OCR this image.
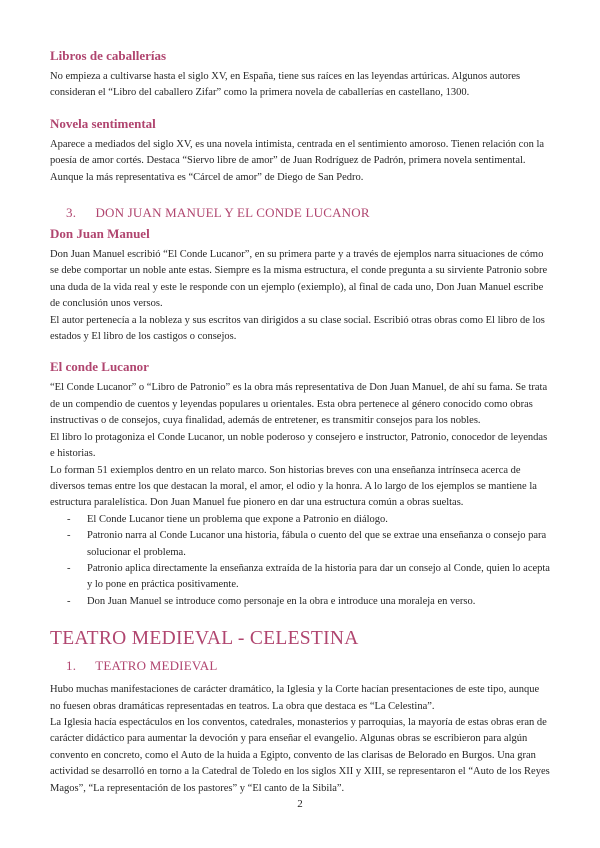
Libros de caballerías

No empieza a cultivarse hasta el siglo XV, en España, tiene sus raíces en las leyendas artúricas. Algunos autores consideran el “Libro del caballero Zifar” como la primera novela de caballerías en castellano, 1300.

Novela sentimental

Aparece a mediados del siglo XV, es una novela intimista, centrada en el sentimiento amoroso. Tienen relación con la poesía de amor cortés. Destaca “Siervo libre de amor” de Juan Rodríguez de Padrón, primera novela sentimental. Aunque la más representativa es “Cárcel de amor” de Diego de San Pedro.

3. DON JUAN MANUEL Y EL CONDE LUCANOR
Don Juan Manuel

Don Juan Manuel escribió “El Conde Lucanor”, en su primera parte y a través de ejemplos narra situaciones de cómo se debe comportar un noble ante estas. Siempre es la misma estructura, el conde pregunta a su sirviente Patronio sobre una duda de la vida real y este le responde con un ejemplo (exiemplo), al final de cada uno, Don Juan Manuel escribe de conclusión unos versos.

El autor pertenecía a la nobleza y sus escritos van dirigidos a su clase social. Escribió otras obras como El libro de los estados y El libro de los castigos o consejos.

El conde Lucanor

“El Conde Lucanor” o “Libro de Patronio” es la obra más representativa de Don Juan Manuel, de ahí su fama. Se trata de un compendio de cuentos y leyendas populares u orientales. Esta obra pertenece al género conocido como obras instructivas o de consejos, cuya finalidad, además de entretener, es transmitir consejos para los nobles.

El libro lo protagoniza el Conde Lucanor, un noble poderoso y consejero e instructor, Patronio, conocedor de leyendas e historias.

Lo forman 51 exiemplos dentro en un relato marco. Son historias breves con una enseñanza intrínseca acerca de diversos temas entre los que destacan la moral, el amor, el odio y la honra. A lo largo de los ejemplos se mantiene la estructura paralelística. Don Juan Manuel fue pionero en dar una estructura común a obras sueltas.

- El Conde Lucanor tiene un problema que expone a Patronio en diálogo.
- Patronio narra al Conde Lucanor una historia, fábula o cuento del que se extrae una enseñanza o consejo para solucionar el problema.
- Patronio aplica directamente la enseñanza extraída de la historia para dar un consejo al Conde, quien lo acepta y lo pone en práctica positivamente.
- Don Juan Manuel se introduce como personaje en la obra e introduce una moraleja en verso.
TEATRO MEDIEVAL - CELESTINA
1. TEATRO MEDIEVAL

Hubo muchas manifestaciones de carácter dramático, la Iglesia y la Corte hacían presentaciones de este tipo, aunque no fuesen obras dramáticas representadas en teatros. La obra que destaca es “La Celestina”.

La Iglesia hacía espectáculos en los conventos, catedrales, monasterios y parroquias, la mayoría de estas obras eran de carácter didáctico para aumentar la devoción y para enseñar el evangelio. Algunas obras se escribieron para algún convento en concreto, como el Auto de la huida a Egipto, convento de las clarisas de Belorado en Burgos. Una gran actividad se desarrolló en torno a la Catedral de Toledo en los siglos XII y XIII, se representaron el “Auto de los Reyes Magos”, “La representación de los pastores” y “El canto de la Sibila”.

2
